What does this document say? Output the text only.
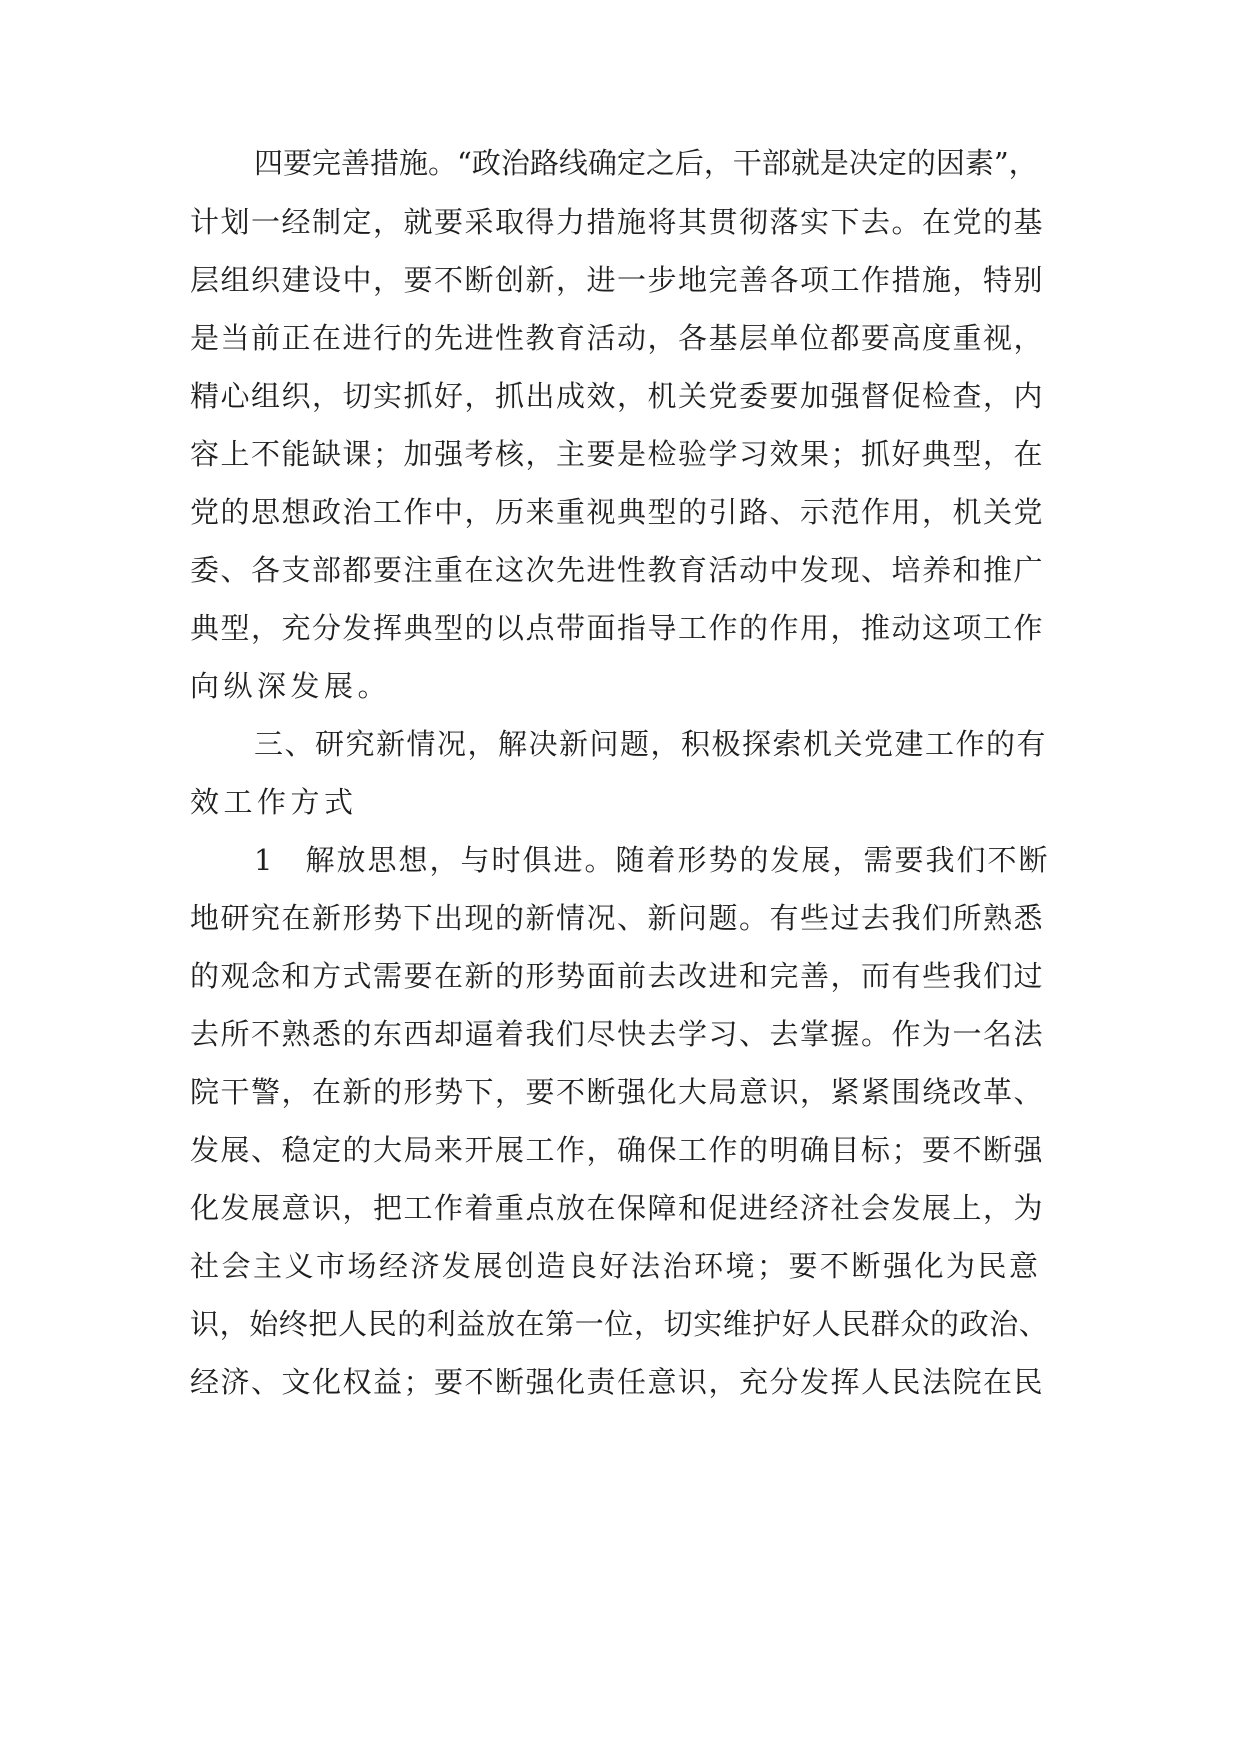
四要完善措施。“政治路线确定之后，干部就是决定的因素”，
计划一经制定，就要采取得力措施将其贯彻落实下去。在党的基
层组织建设中，要不断创新，进一步地完善各项工作措施，特别
是当前正在进行的先进性教育活动，各基层单位都要高度重视，
精心组织，切实抓好，抓出成效，机关党委要加强督促检查，内
容上不能缺课；加强考核，主要是检验学习效果；抓好典型，在
党的思想政治工作中，历来重视典型的引路、示范作用，机关党
委、各支部都要注重在这次先进性教育活动中发现、培养和推广
典型，充分发挥典型的以点带面指导工作的作用，推动这项工作
向纵深发展。
三、研究新情况，解决新问题，积极探索机关党建工作的有
效工作方式
1　解放思想，与时俱进。随着形势的发展，需要我们不断
地研究在新形势下出现的新情况、新问题。有些过去我们所熟悉
的观念和方式需要在新的形势面前去改进和完善，而有些我们过
去所不熟悉的东西却逼着我们尽快去学习、去掌握。作为一名法
院干警，在新的形势下，要不断强化大局意识，紧紧围绕改革、
发展、稳定的大局来开展工作，确保工作的明确目标；要不断强
化发展意识，把工作着重点放在保障和促进经济社会发展上，为
社会主义市场经济发展创造良好法治环境；要不断强化为民意
识，始终把人民的利益放在第一位，切实维护好人民群众的政治、
经济、文化权益；要不断强化责任意识，充分发挥人民法院在民
